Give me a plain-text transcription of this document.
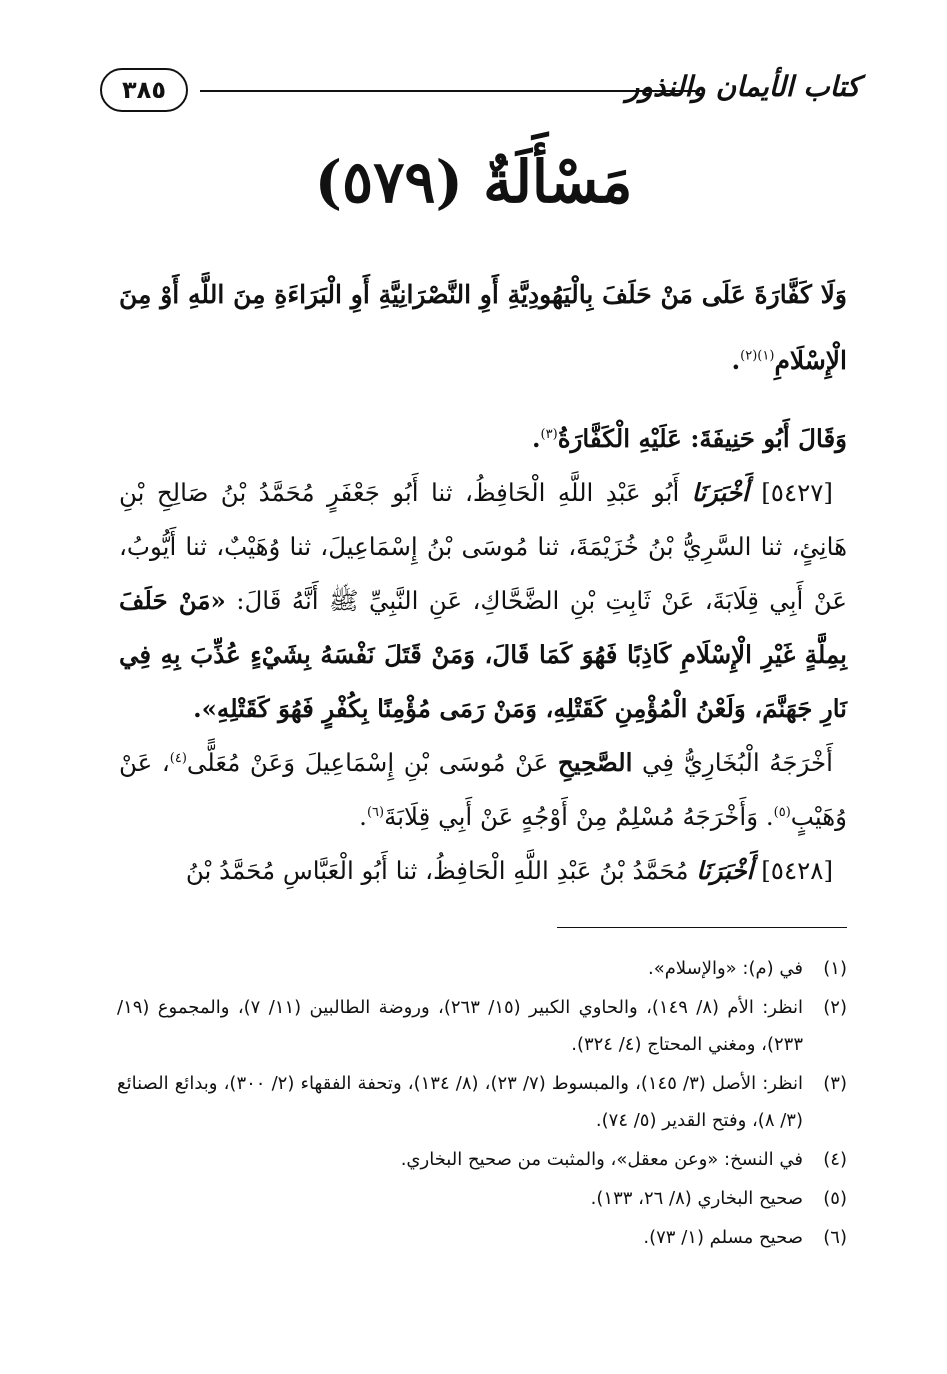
كتاب الأيمان والنذور
٣٨٥
مَسْأَلَةٌ (٥٧٩)

وَلَا كَفَّارَةَ عَلَى مَنْ حَلَفَ بِالْيَهُودِيَّةِ أَوِ النَّصْرَانِيَّةِ أَوِ الْبَرَاءَةِ مِنَ اللَّهِ أَوْ مِنَ الْإِسْلَامِ$^{(١)(٢)}$.

وَقَالَ أَبُو حَنِيفَةَ: عَلَيْهِ الْكَفَّارَةُ$^{(٣)}$.

[٥٤٢٧] أَخْبَرَنَا أَبُو عَبْدِ اللَّهِ الْحَافِظُ، ثنا أَبُو جَعْفَرٍ مُحَمَّدُ بْنُ صَالِحِ بْنِ هَانِئٍ، ثنا السَّرِيُّ بْنُ خُزَيْمَةَ، ثنا مُوسَى بْنُ إِسْمَاعِيلَ، ثنا وُهَيْبٌ، ثنا أَيُّوبُ، عَنْ أَبِي قِلَابَةَ، عَنْ ثَابِتِ بْنِ الضَّحَّاكِ، عَنِ النَّبِيِّ ﷺ أَنَّهُ قَالَ: «مَنْ حَلَفَ بِمِلَّةٍ غَيْرِ الْإِسْلَامِ كَاذِبًا فَهُوَ كَمَا قَالَ، وَمَنْ قَتَلَ نَفْسَهُ بِشَيْءٍ عُذِّبَ بِهِ فِي نَارِ جَهَنَّمَ، وَلَعْنُ الْمُؤْمِنِ كَقَتْلِهِ، وَمَنْ رَمَى مُؤْمِنًا بِكُفْرٍ فَهُوَ كَقَتْلِهِ».

أَخْرَجَهُ الْبُخَارِيُّ فِي الصَّحِيحِ عَنْ مُوسَى بْنِ إِسْمَاعِيلَ وَعَنْ مُعَلًّى$^{(٤)}$، عَنْ وُهَيْبٍ$^{(٥)}$. وَأَخْرَجَهُ مُسْلِمٌ مِنْ أَوْجُهٍ عَنْ أَبِي قِلَابَةَ$^{(٦)}$.

[٥٤٢٨] أَخْبَرَنَا مُحَمَّدُ بْنُ عَبْدِ اللَّهِ الْحَافِظُ، ثنا أَبُو الْعَبَّاسِ مُحَمَّدُ بْنُ

(١)
في (م): «والإسلام».
(٢)
انظر: الأم (٨/ ١٤٩)، والحاوي الكبير (١٥/ ٢٦٣)، وروضة الطالبين (١١/ ٧)، والمجموع (١٩/ ٢٣٣)، ومغني المحتاج (٤/ ٣٢٤).
(٣)
انظر: الأصل (٣/ ١٤٥)، والمبسوط (٧/ ٢٣)، (٨/ ١٣٤)، وتحفة الفقهاء (٢/ ٣٠٠)، وبدائع الصنائع (٣/ ٨)، وفتح القدير (٥/ ٧٤).
(٤)
في النسخ: «وعن معقل»، والمثبت من صحيح البخاري.
(٥)
صحيح البخاري (٨/ ٢٦، ١٣٣).
(٦)
صحيح مسلم (١/ ٧٣).
